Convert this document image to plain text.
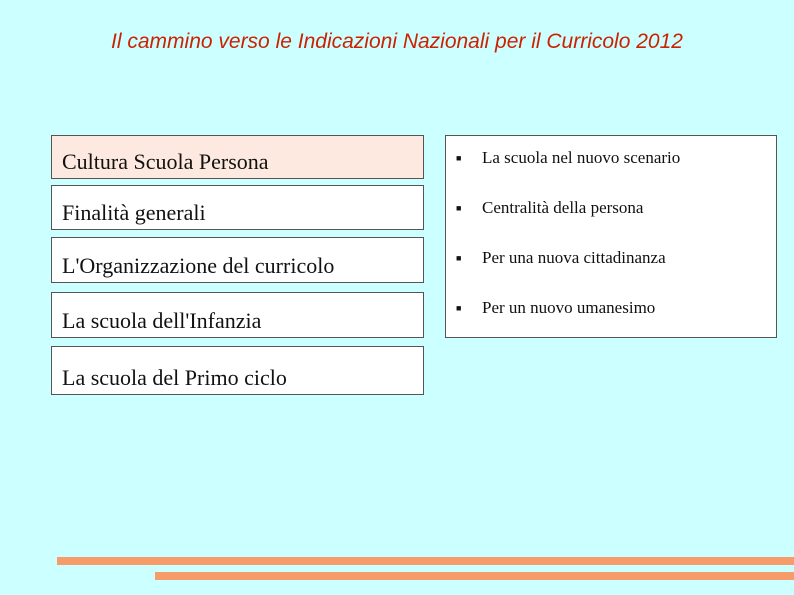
Il cammino verso le Indicazioni Nazionali per il Curricolo 2012
Cultura Scuola Persona
Finalità generali
L'Organizzazione del curricolo
La scuola dell'Infanzia
La scuola del Primo ciclo
■	La scuola nel nuovo scenario
■	Centralità della persona
■	Per una nuova cittadinanza
■	Per un nuovo umanesimo
